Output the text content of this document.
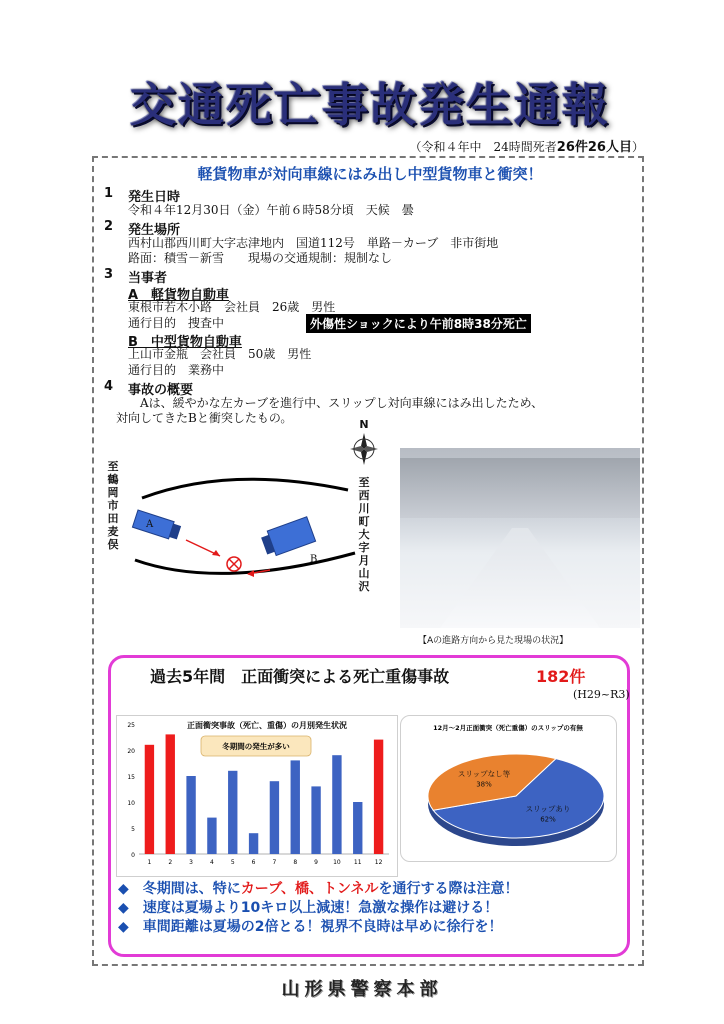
交通死亡事故発生通報
（令和４年中　24時間死者26件26人目）
軽貨物車が対向車線にはみ出し中型貨物車と衝突！
1 発生日時
令和４年12月30日（金）午前６時58分頃　天候　曇
2 発生場所
西村山郡西川町大字志津地内　国道112号　単路－カーブ　非市街地
路面：積雪－新雪　　現場の交通規制：規制なし
3 当事者
A　軽貨物自動車
東根市若木小路　会社員　26歳　男性
通行目的　捜査中	外傷性ショックにより午前8時38分死亡
B　中型貨物自動車
上山市金瓶　会社員　50歳　男性
通行目的　業務中
4 事故の概要
Aは、緩やかな左カーブを進行中、スリップし対向車線にはみ出したため、
対向してきたBと衝突したもの。
至鶴岡市田麦俣
至西川町大字月山沢
N
A
B
【Aの進路方向から見た現場の状況】
過去5年間　正面衝突による死亡重傷事故	182件
(H29~R3)
正面衝突事故（死亡、重傷）の月別発生状況
0
5
10
15
20
25
1	2	3	4	5	6	7	8	9	10 11 12
冬期間の発生が多い
12月～2月正面衝突（死亡重傷）のスリップの有無
スリップあり
62%
スリップなし等
38%
◆　 冬期間は、特にカーブ、橋、トンネルを通行する際は注意！
◆　 速度は夏場より10キロ以上減速！急激な操作は避ける！
◆　 車間距離は夏場の2倍とる！視界不良時は早めに徐行を！
山形県警察本部
